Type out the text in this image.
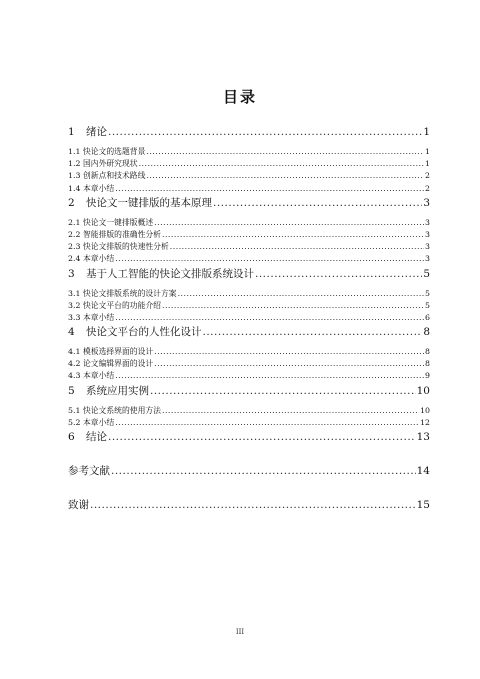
目录
1	绪论 .....	1
1.1 快论文的选题背景 .....	1
1.2 国内外研究现状 .....	1
1.3 创新点和技术路线 .....	2
1.4 本章小结 .....	2
2	快论文一键排版的基本原理 .....	3
2.1 快论文一键排版概述 .....	3
2.2 智能排版的准确性分析 .....	3
2.3 快论文排版的快速性分析 .....	3
2.4 本章小结 .....	3
3	基于人工智能的快论文排版系统设计 .....	5
3.1 快论文排版系统的设计方案 .....	5
3.2 快论文平台的功能介绍 .....	5
3.3 本章小结 .....	6
4	快论文平台的人性化设计 .....	8
4.1 模板选择界面的设计 .....	8
4.2 论文编辑界面的设计 .....	8
4.3 本章小结 .....	9
5	系统应用实例 .....	10
5.1 快论文系统的使用方法 .....	10
5.2 本章小结 .....	12
6	结论 .....	13
参考文献 .....	14
致谢 .....	15
III
